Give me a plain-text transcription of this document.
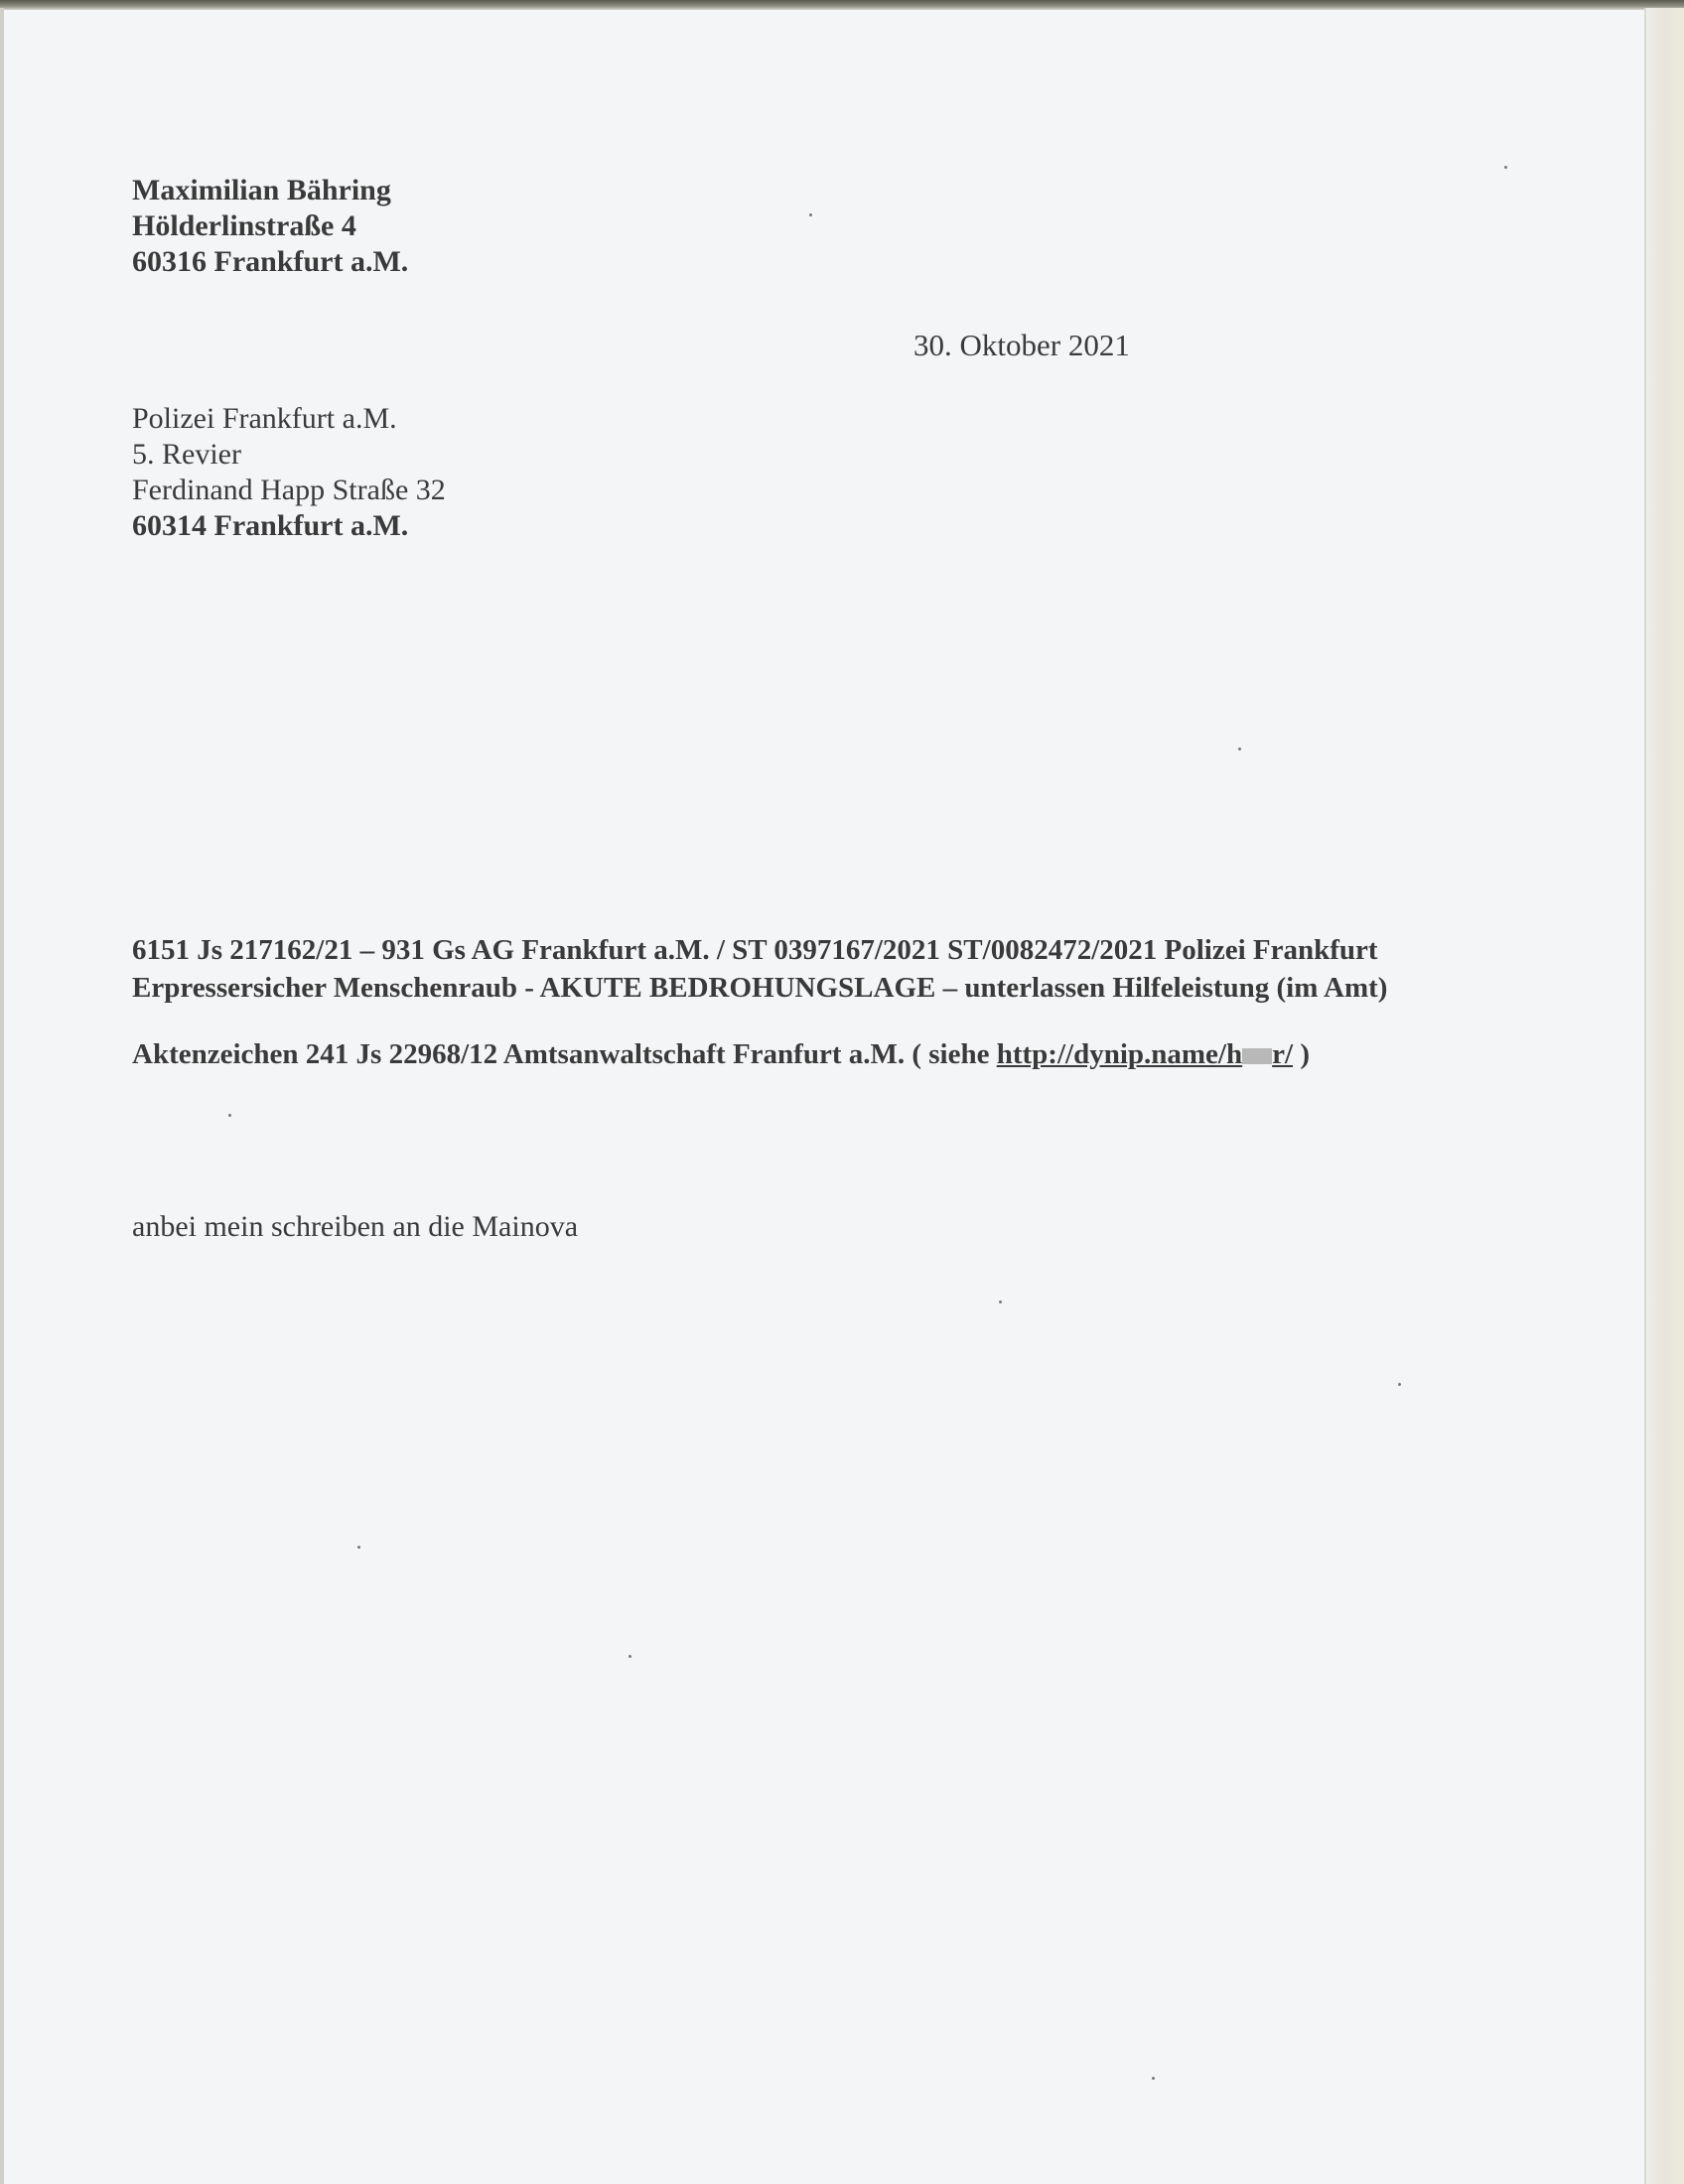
Maximilian Bähring
Hölderlinstraße 4
60316 Frankfurt a.M.
30. Oktober 2021
Polizei Frankfurt a.M.
5. Revier
Ferdinand Happ Straße 32
60314 Frankfurt a.M.
6151 Js 217162/21 – 931 Gs AG Frankfurt a.M. / ST 0397167/2021 ST/0082472/2021 Polizei Frankfurt
Erpressersicher Menschenraub - AKUTE BEDROHUNGSLAGE – unterlassen Hilfeleistung (im Amt)
Aktenzeichen 241 Js 22968/12 Amtsanwaltschaft Franfurt a.M. ( siehe http://dynip.name/h r/ )
anbei mein schreiben an die Mainova
